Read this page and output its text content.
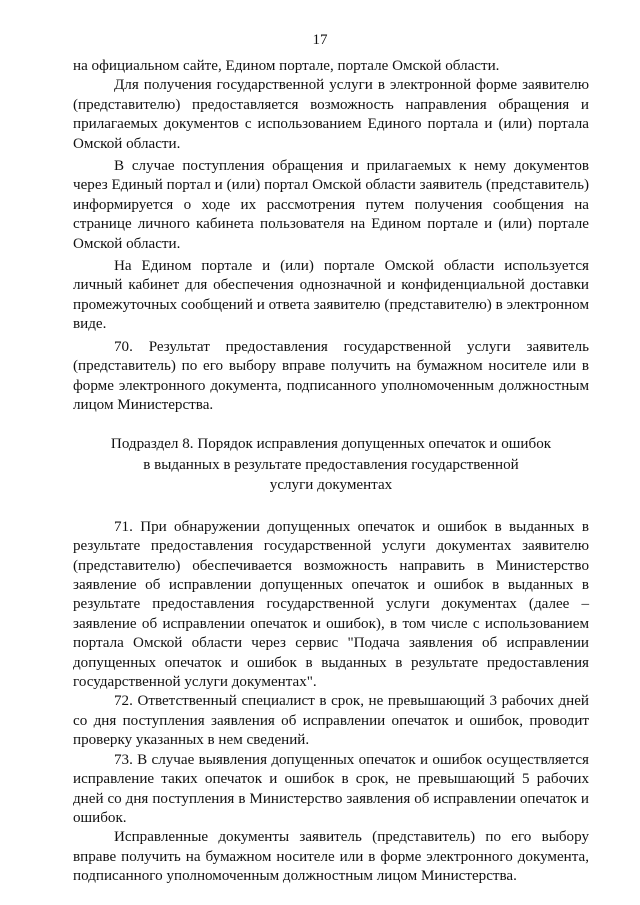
17

на официальном сайте, Едином портале, портале Омской области.

Для получения государственной услуги в электронной форме заявителю (представителю) предоставляется возможность направления обращения и прилагаемых документов с использованием Единого портала и (или) портала Омской области.

В случае поступления обращения и прилагаемых к нему документов через Единый портал и (или) портал Омской области заявитель (представитель) информируется о ходе их рассмотрения путем получения сообщения на странице личного кабинета пользователя на Едином портале и (или) портале Омской области.

На Едином портале и (или) портале Омской области используется личный кабинет для обеспечения однозначной и конфиденциальной доставки промежуточных сообщений и ответа заявителю (представителю) в электронном виде.

70. Результат предоставления государственной услуги заявитель (представитель) по его выбору вправе получить на бумажном носителе или в форме электронного документа, подписанного уполномоченным должностным лицом Министерства.

Подраздел 8. Порядок исправления допущенных опечаток и ошибок
в выданных в результате предоставления государственной
услуги документах

71. При обнаружении допущенных опечаток и ошибок в выданных в результате предоставления государственной услуги документах заявителю (представителю) обеспечивается возможность направить в Министерство заявление об исправлении допущенных опечаток и ошибок в выданных в результате предоставления государственной услуги документах (далее – заявление об исправлении опечаток и ошибок), в том числе с использованием портала Омской области через сервис "Подача заявления об исправлении допущенных опечаток и ошибок в выданных в результате предоставления государственной услуги документах".

72. Ответственный специалист в срок, не превышающий 3 рабочих дней со дня поступления заявления об исправлении опечаток и ошибок, проводит проверку указанных в нем сведений.

73. В случае выявления допущенных опечаток и ошибок осуществляется исправление таких опечаток и ошибок в срок, не превышающий 5 рабочих дней со дня поступления в Министерство заявления об исправлении опечаток и ошибок.

Исправленные документы заявитель (представитель) по его выбору вправе получить на бумажном носителе или в форме электронного документа, подписанного уполномоченным должностным лицом Министерства.
